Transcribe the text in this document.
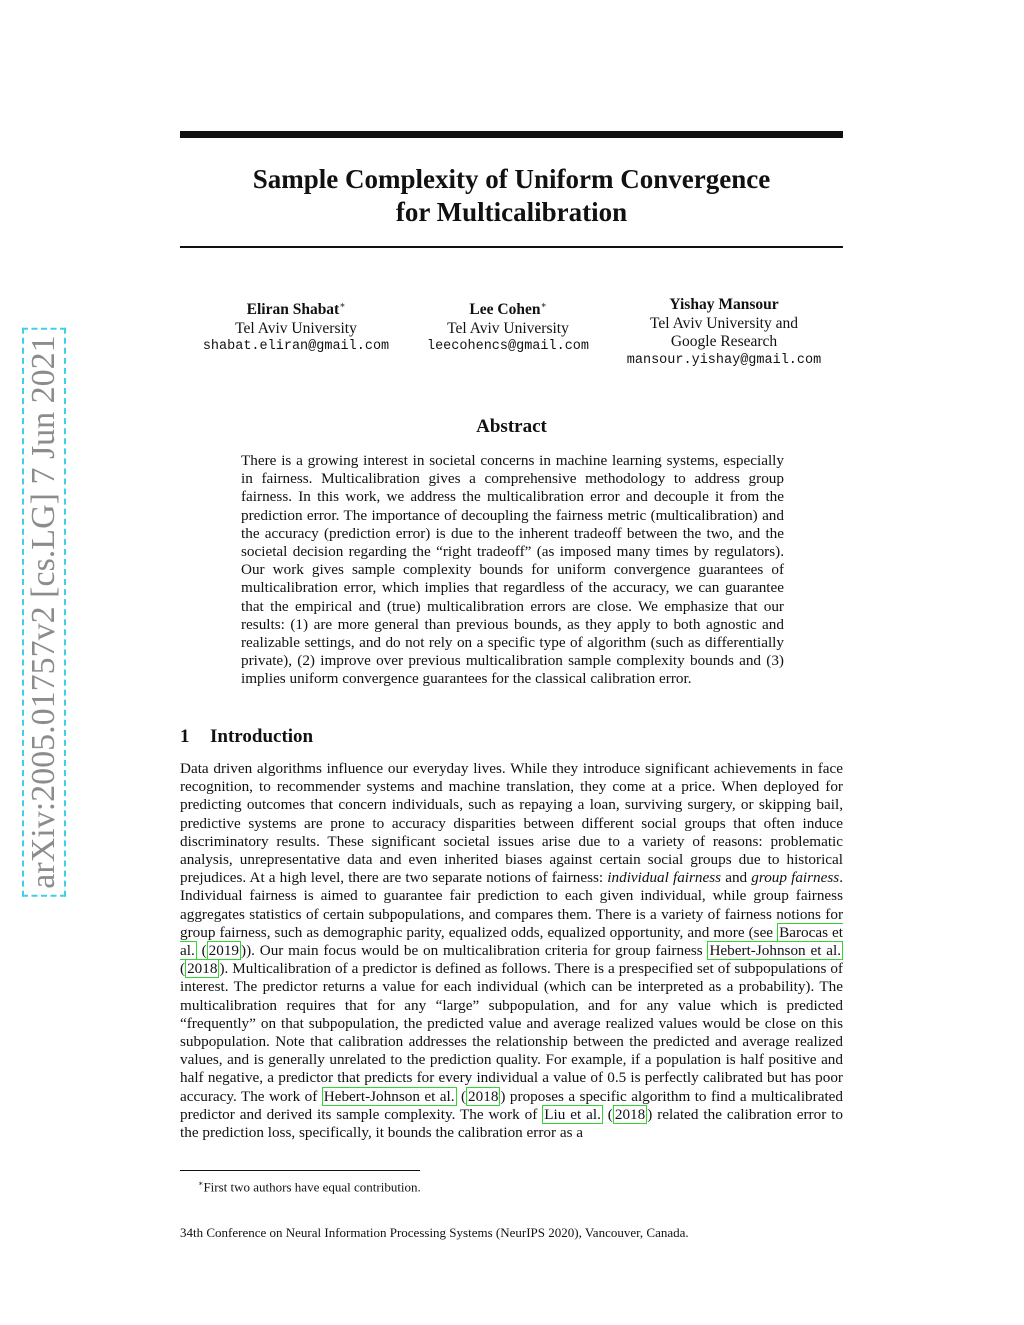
arXiv:2005.01757v2 [cs.LG] 7 Jun 2021
Sample Complexity of Uniform Convergence
for Multicalibration
Eliran Shabat∗
Tel Aviv University
shabat.eliran@gmail.com
Lee Cohen∗
Tel Aviv University
leecohencs@gmail.com
Yishay Mansour
Tel Aviv University and
Google Research
mansour.yishay@gmail.com
Abstract

There is a growing interest in societal concerns in machine learning systems, especially in fairness. Multicalibration gives a comprehensive methodology to address group fairness. In this work, we address the multicalibration error and decouple it from the prediction error. The importance of decoupling the fairness metric (multicalibration) and the accuracy (prediction error) is due to the inherent tradeoff between the two, and the societal decision regarding the “right tradeoff” (as imposed many times by regulators). Our work gives sample complexity bounds for uniform convergence guarantees of multicalibration error, which implies that regardless of the accuracy, we can guarantee that the empirical and (true) multicalibration errors are close. We emphasize that our results: (1) are more general than previous bounds, as they apply to both agnostic and realizable settings, and do not rely on a specific type of algorithm (such as differentially private), (2) improve over previous multicalibration sample complexity bounds and (3) implies uniform convergence guarantees for the classical calibration error.

1 Introduction

Data driven algorithms influence our everyday lives. While they introduce significant achievements in face recognition, to recommender systems and machine translation, they come at a price. When deployed for predicting outcomes that concern individuals, such as repaying a loan, surviving surgery, or skipping bail, predictive systems are prone to accuracy disparities between different social groups that often induce discriminatory results. These significant societal issues arise due to a variety of reasons: problematic analysis, unrepresentative data and even inherited biases against certain social groups due to historical prejudices. At a high level, there are two separate notions of fairness: individual fairness and group fairness. Individual fairness is aimed to guarantee fair prediction to each given individual, while group fairness aggregates statistics of certain subpopulations, and compares them. There is a variety of fairness notions for group fairness, such as demographic parity, equalized odds, equalized opportunity, and more (see Barocas et al. ( 2019 )). Our main focus would be on multicalibration criteria for group fairness Hebert-Johnson et al. ( 2018 ). Multicalibration of a predictor is defined as follows. There is a prespecified set of subpopulations of interest. The predictor returns a value for each individual (which can be interpreted as a probability). The multicalibration requires that for any “large” subpopulation, and for any value which is predicted “frequently” on that subpopulation, the predicted value and average realized values would be close on this subpopulation. Note that calibration addresses the relationship between the predicted and average realized values, and is generally unrelated to the prediction quality. For example, if a population is half positive and half negative, a predictor that predicts for every individual a value of 0.5 is perfectly calibrated but has poor accuracy. The work of Hebert-Johnson et al. ( 2018 ) proposes a specific algorithm to find a multicalibrated predictor and derived its sample complexity. The work of Liu et al. ( 2018 ) related the calibration error to the prediction loss, specifically, it bounds the calibration error as a

∗First two authors have equal contribution.

34th Conference on Neural Information Processing Systems (NeurIPS 2020), Vancouver, Canada.
